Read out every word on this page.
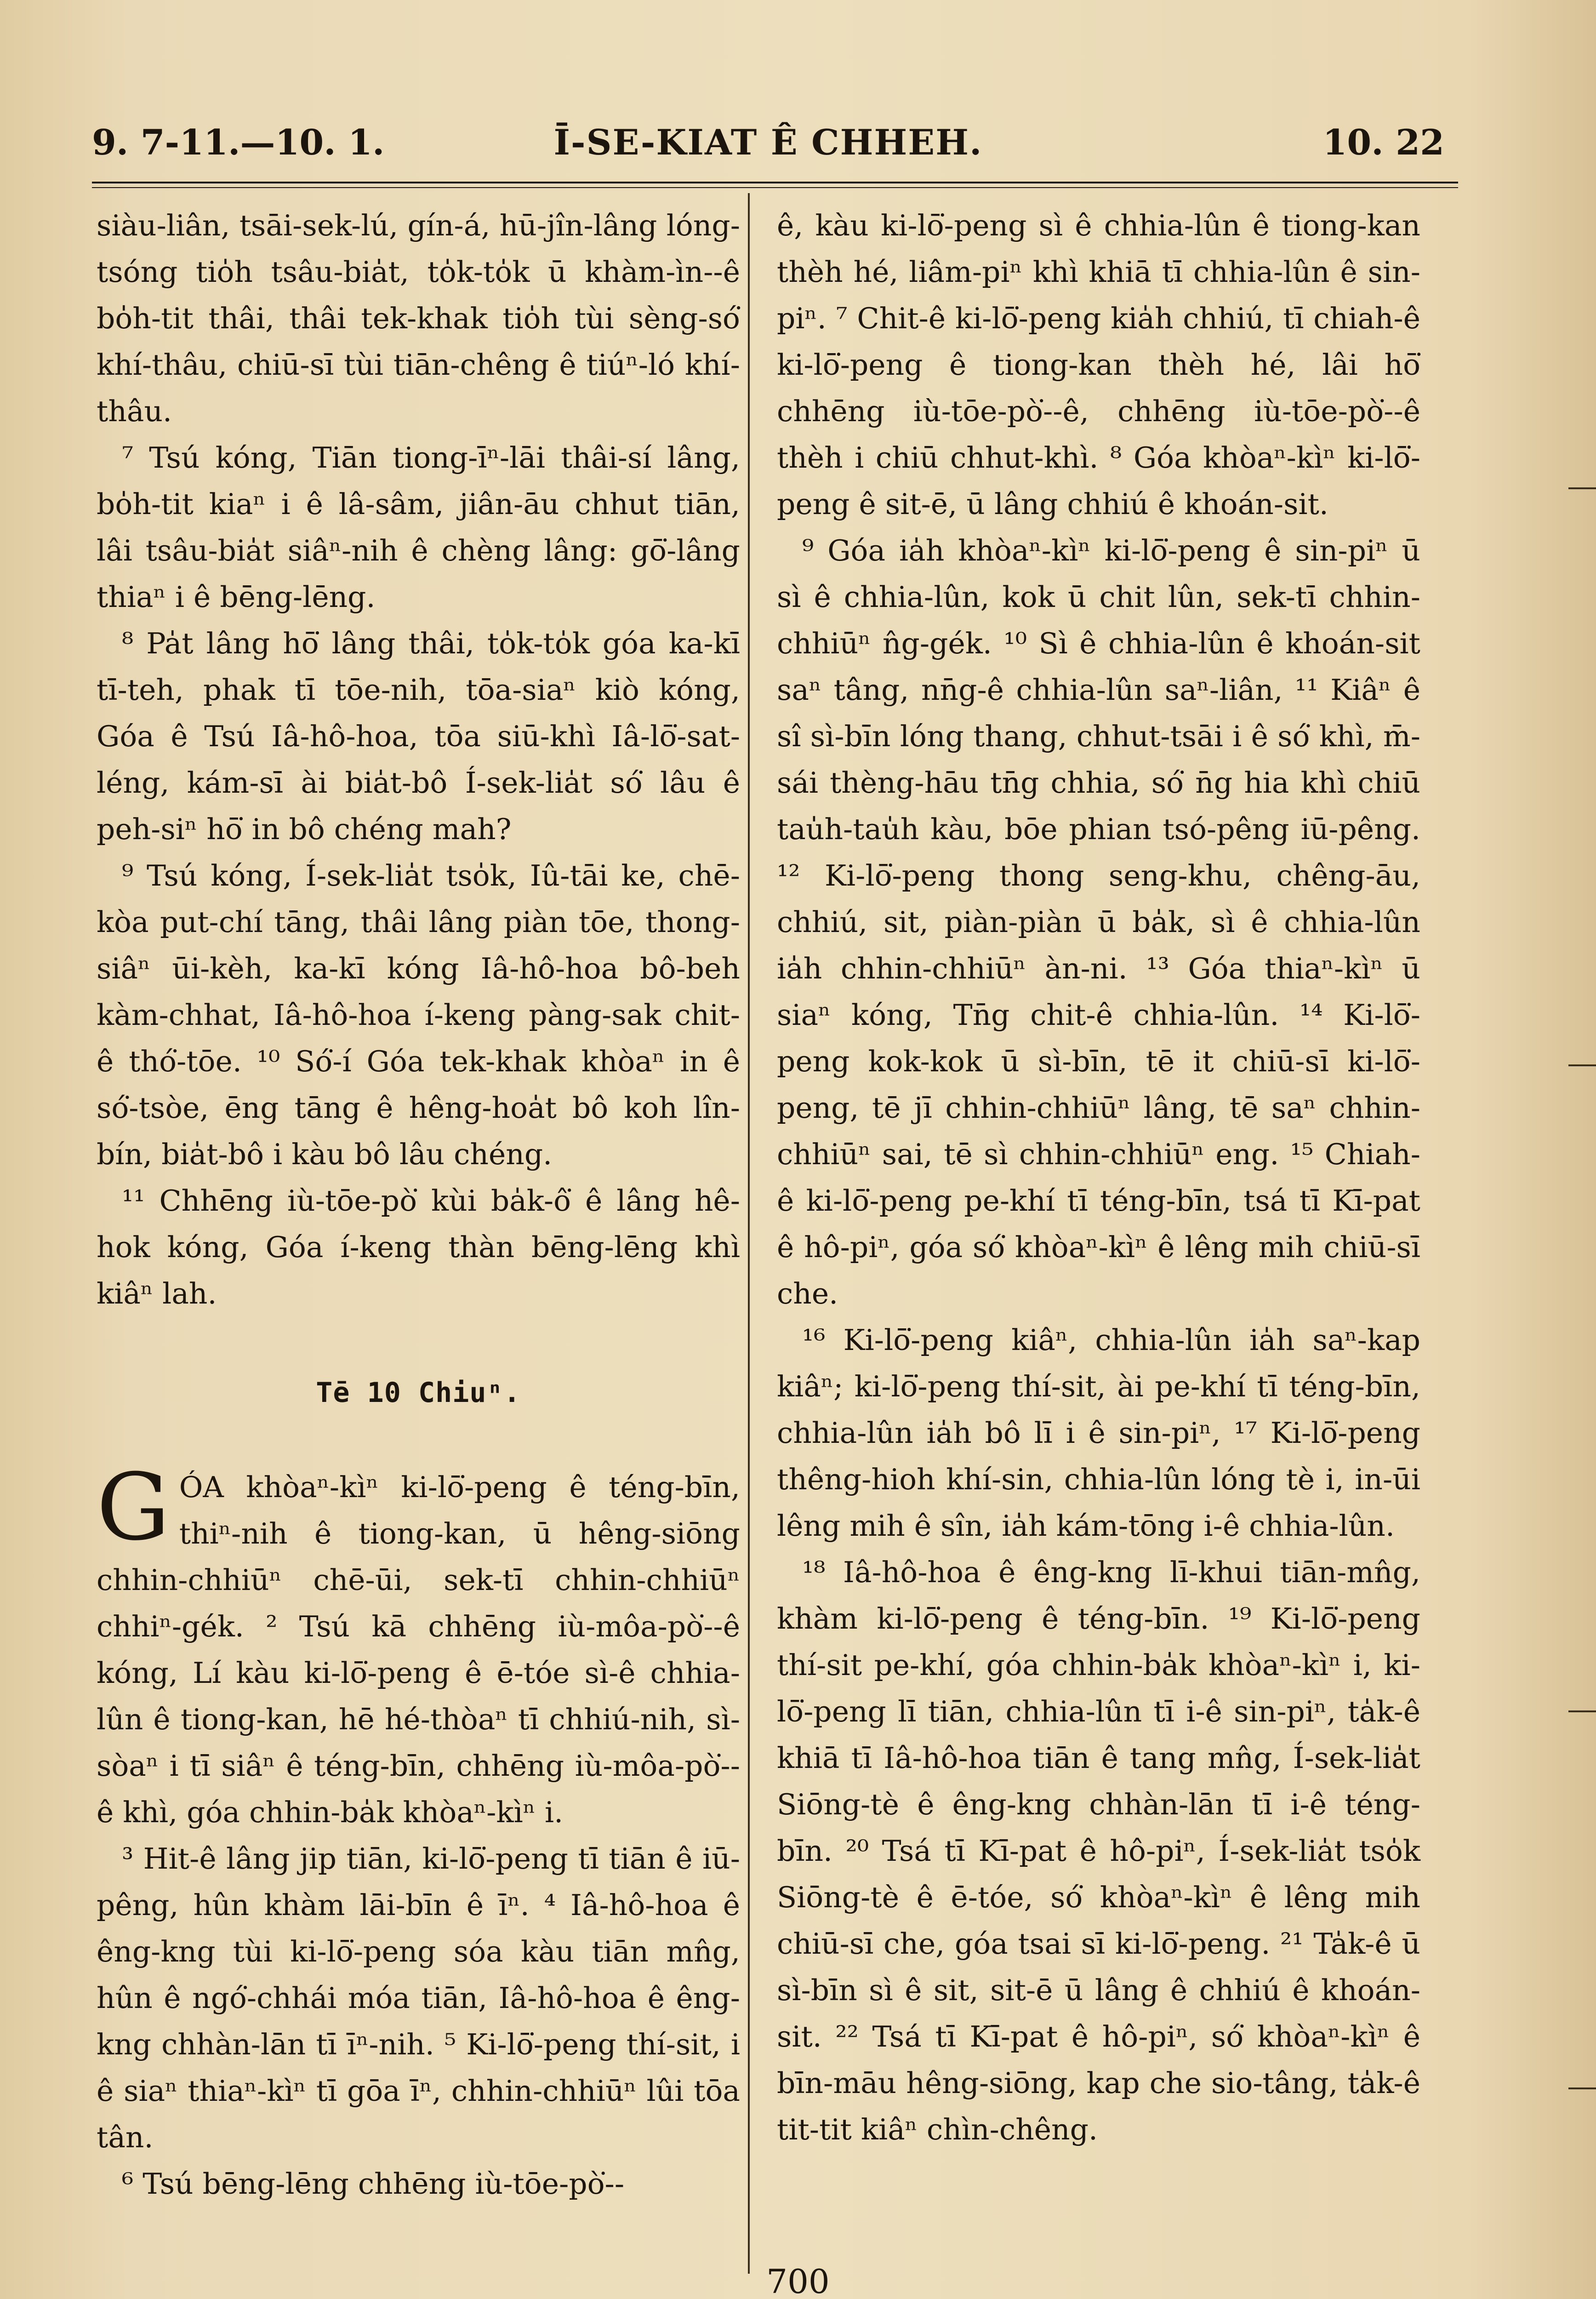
9. 7-11.—10. 1.	Ī-SE-KIAT Ê CHHEH.	10. 22

siàu-liân, tsāi-sek-lú, gín-á, hū-jîn-lâng lóng-tsóng tio̍h tsâu-bia̍t, to̍k-to̍k ū khàm-ìn--ê bo̍h-tit thâi, thâi tek-khak tio̍h tùi sèng-só͘ khí-thâu, chiū-sī tùi tiān-chêng ê tiúⁿ-ló khí-thâu.

⁷ Tsú kóng, Tiān tiong-īⁿ-lāi thâi-sí lâng, bo̍h-tit kiaⁿ i ê lâ-sâm, jiân-āu chhut tiān, lâi tsâu-bia̍t siâⁿ-nih ê chèng lâng: gō͘-lâng thiaⁿ i ê bēng-lēng.

⁸ Pa̍t lâng hō͘ lâng thâi, to̍k-to̍k góa ka-kī tī-teh, phak tī tōe-nih, tōa-siaⁿ kiò kóng, Góa ê Tsú Iâ-hô-hoa, tōa siū-khì Iâ-lō͘-sat-léng, kám-sī ài bia̍t-bô Í-sek-lia̍t só͘ lâu ê peh-siⁿ hō͘ in bô chéng mah?

⁹ Tsú kóng, Í-sek-lia̍t tso̍k, Iû-tāi ke, chē-kòa put-chí tāng, thâi lâng piàn tōe, thong-siâⁿ ūi-kèh, ka-kī kóng Iâ-hô-hoa bô-beh kàm-chhat, Iâ-hô-hoa í-keng pàng-sak chit-ê thó͘-tōe. ¹⁰ Só͘-í Góa tek-khak khòaⁿ in ê só͘-tsòe, ēng tāng ê hêng-hoa̍t bô koh lîn-bín, bia̍t-bô i kàu bô lâu chéng.

¹¹ Chhēng iù-tōe-pò͘ kùi ba̍k-ô͘ ê lâng hê-hok kóng, Góa í-keng thàn bēng-lēng khì kiâⁿ lah.

Tē 10 Chiuⁿ.

GÓA khòaⁿ-kìⁿ ki-lō͘-peng ê téng-bīn, thiⁿ-nih ê tiong-kan, ū hêng-siōng chhin-chhiūⁿ chē-ūi, sek-tī chhin-chhiūⁿ chhiⁿ-gék. ² Tsú kā chhēng iù-môa-pò͘--ê kóng, Lí kàu ki-lō͘-peng ê ē-tóe sì-ê chhia-lûn ê tiong-kan, hē hé-thòaⁿ tī chhiú-nih, sì-sòaⁿ i tī siâⁿ ê téng-bīn, chhēng iù-môa-pò͘--ê khì, góa chhin-ba̍k khòaⁿ-kìⁿ i.

³ Hit-ê lâng jip tiān, ki-lō͘-peng tī tiān ê iū-pêng, hûn khàm lāi-bīn ê īⁿ. ⁴ Iâ-hô-hoa ê êng-kng tùi ki-lō͘-peng sóa kàu tiān mn̂g, hûn ê ngó͘-chhái móa tiān, Iâ-hô-hoa ê êng-kng chhàn-lān tī īⁿ-nih. ⁵ Ki-lō͘-peng thí-sit, i ê siaⁿ thiaⁿ-kìⁿ tī gōa īⁿ, chhin-chhiūⁿ lûi tōa tân.

⁶ Tsú bēng-lēng chhēng iù-tōe-pò͘--

ê, kàu ki-lō͘-peng sì ê chhia-lûn ê tiong-kan thèh hé, liâm-piⁿ khì khiā tī chhia-lûn ê sin-piⁿ. ⁷ Chit-ê ki-lō͘-peng kia̍h chhiú, tī chiah-ê ki-lō͘-peng ê tiong-kan thèh hé, lâi hō͘ chhēng iù-tōe-pò͘--ê, chhēng iù-tōe-pò͘--ê thèh i chiū chhut-khì. ⁸ Góa khòaⁿ-kìⁿ ki-lō͘-peng ê sit-ē, ū lâng chhiú ê khoán-sit.

⁹ Góa ia̍h khòaⁿ-kìⁿ ki-lō͘-peng ê sin-piⁿ ū sì ê chhia-lûn, kok ū chit lûn, sek-tī chhin-chhiūⁿ n̂g-gék. ¹⁰ Sì ê chhia-lûn ê khoán-sit saⁿ tâng, nn̄g-ê chhia-lûn saⁿ-liân, ¹¹ Kiâⁿ ê sî sì-bīn lóng thang, chhut-tsāi i ê só͘ khì, m̄-sái thèng-hāu tn̄g chhia, só͘ n̄g hia khì chiū tau̍h-tau̍h kàu, bōe phian tsó-pêng iū-pêng. ¹² Ki-lō͘-peng thong seng-khu, chêng-āu, chhiú, sit, piàn-piàn ū ba̍k, sì ê chhia-lûn ia̍h chhin-chhiūⁿ àn-ni. ¹³ Góa thiaⁿ-kìⁿ ū siaⁿ kóng, Tn̄g chit-ê chhia-lûn. ¹⁴ Ki-lō͘-peng kok-kok ū sì-bīn, tē it chiū-sī ki-lō͘-peng, tē jī chhin-chhiūⁿ lâng, tē saⁿ chhin-chhiūⁿ sai, tē sì chhin-chhiūⁿ eng. ¹⁵ Chiah-ê ki-lō͘-peng pe-khí tī téng-bīn, tsá tī Kī-pat ê hô-piⁿ, góa só͘ khòaⁿ-kìⁿ ê lêng mih chiū-sī che.

¹⁶ Ki-lō͘-peng kiâⁿ, chhia-lûn ia̍h saⁿ-kap kiâⁿ; ki-lō͘-peng thí-sit, ài pe-khí tī téng-bīn, chhia-lûn ia̍h bô lī i ê sin-piⁿ, ¹⁷ Ki-lō͘-peng thêng-hioh khí-sin, chhia-lûn lóng tè i, in-ūi lêng mih ê sîn, ia̍h kám-tōng i-ê chhia-lûn.

¹⁸ Iâ-hô-hoa ê êng-kng lī-khui tiān-mn̂g, khàm ki-lō͘-peng ê téng-bīn. ¹⁹ Ki-lō͘-peng thí-sit pe-khí, góa chhin-ba̍k khòaⁿ-kìⁿ i, ki-lō͘-peng lī tiān, chhia-lûn tī i-ê sin-piⁿ, ta̍k-ê khiā tī Iâ-hô-hoa tiān ê tang mn̂g, Í-sek-lia̍t Siōng-tè ê êng-kng chhàn-lān tī i-ê téng-bīn. ²⁰ Tsá tī Kī-pat ê hô-piⁿ, Í-sek-lia̍t tso̍k Siōng-tè ê ē-tóe, só͘ khòaⁿ-kìⁿ ê lêng mih chiū-sī che, góa tsai sī ki-lō͘-peng. ²¹ Ta̍k-ê ū sì-bīn sì ê sit, sit-ē ū lâng ê chhiú ê khoán-sit. ²² Tsá tī Kī-pat ê hô-piⁿ, só͘ khòaⁿ-kìⁿ ê bīn-māu hêng-siōng, kap che sio-tâng, ta̍k-ê tit-tit kiâⁿ chìn-chêng.

700
